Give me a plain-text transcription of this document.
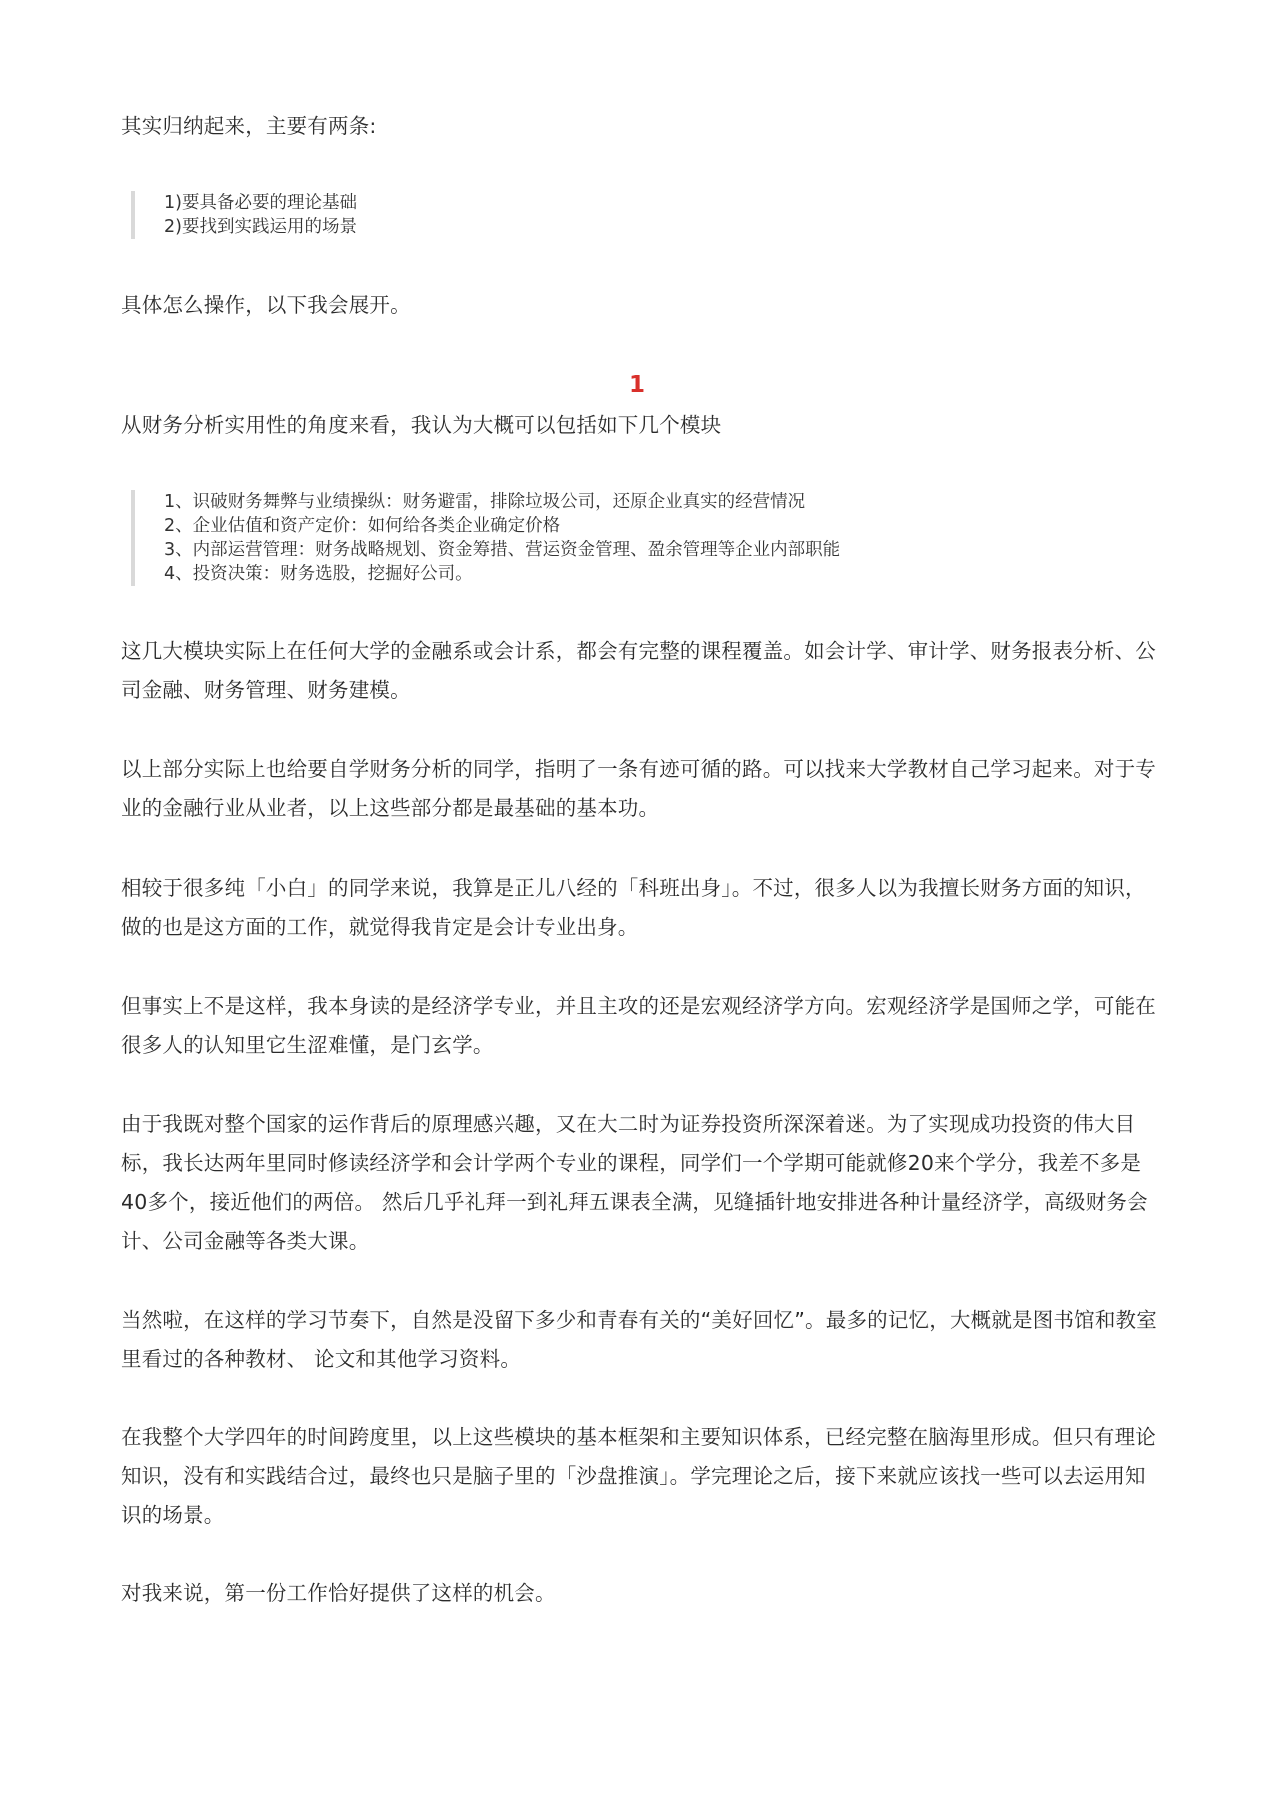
其实归纳起来，主要有两条:

1)要具备必要的理论基础
2)要找到实践运用的场景

具体怎么操作，以下我会展开。

1

从财务分析实用性的角度来看，我认为大概可以包括如下几个模块

1、识破财务舞弊与业绩操纵：财务避雷，排除垃圾公司，还原企业真实的经营情况
2、企业估值和资产定价：如何给各类企业确定价格
3、内部运营管理：财务战略规划、资金筹措、营运资金管理、盈余管理等企业内部职能
4、投资决策：财务选股，挖掘好公司。

这几大模块实际上在任何大学的金融系或会计系，都会有完整的课程覆盖。如会计学、审计学、财务报表分析、公司金融、财务管理、财务建模。

以上部分实际上也给要自学财务分析的同学，指明了一条有迹可循的路。可以找来大学教材自己学习起来。对于专业的金融行业从业者，以上这些部分都是最基础的基本功。

相较于很多纯「小白」的同学来说，我算是正儿八经的「科班出身」。不过，很多人以为我擅长财务方面的知识，做的也是这方面的工作，就觉得我肯定是会计专业出身。

但事实上不是这样，我本身读的是经济学专业，并且主攻的还是宏观经济学方向。宏观经济学是国师之学，可能在很多人的认知里它生涩难懂，是门玄学。

由于我既对整个国家的运作背后的原理感兴趣，又在大二时为证券投资所深深着迷。为了实现成功投资的伟大目标，我长达两年里同时修读经济学和会计学两个专业的课程，同学们一个学期可能就修20来个学分，我差不多是40多个，接近他们的两倍。 然后几乎礼拜一到礼拜五课表全满，见缝插针地安排进各种计量经济学，高级财务会计、公司金融等各类大课。

当然啦，在这样的学习节奏下，自然是没留下多少和青春有关的“美好回忆”。最多的记忆，大概就是图书馆和教室里看过的各种教材、 论文和其他学习资料。

在我整个大学四年的时间跨度里，以上这些模块的基本框架和主要知识体系，已经完整在脑海里形成。但只有理论知识，没有和实践结合过，最终也只是脑子里的「沙盘推演」。学完理论之后，接下来就应该找一些可以去运用知识的场景。

对我来说，第一份工作恰好提供了这样的机会。
